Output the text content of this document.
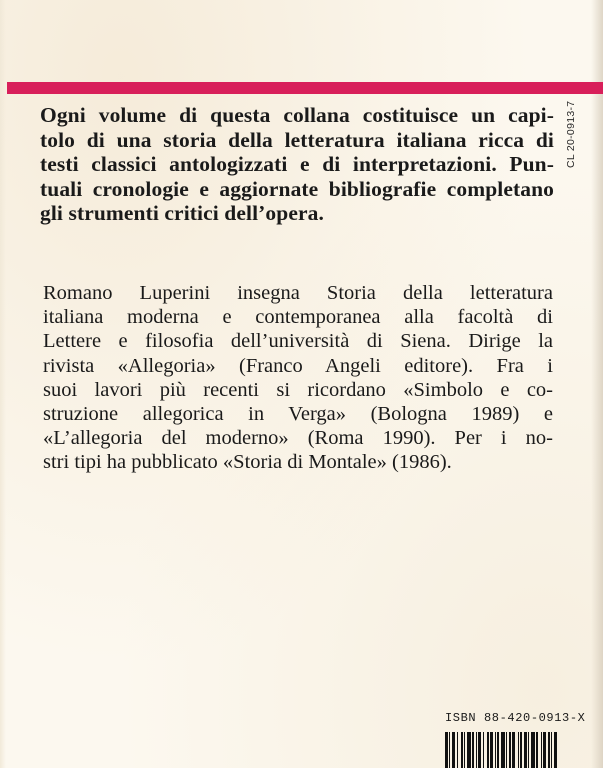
Ogni volume di questa collana costituisce un capi-
tolo di una storia della letteratura italiana ricca di
testi classici antologizzati e di interpretazioni. Pun-
tuali cronologie e aggiornate bibliografie completano
gli strumenti critici dell’opera.
CL 20-0913-7
Romano Luperini insegna Storia della letteratura
italiana moderna e contemporanea alla facoltà di
Lettere e filosofia dell’università di Siena. Dirige la
rivista «Allegoria» (Franco Angeli editore). Fra i
suoi lavori più recenti si ricordano «Simbolo e co-
struzione allegorica in Verga» (Bologna 1989) e
«L’allegoria del moderno» (Roma 1990). Per i no-
stri tipi ha pubblicato «Storia di Montale» (1986).
ISBN 88-420-0913-X
